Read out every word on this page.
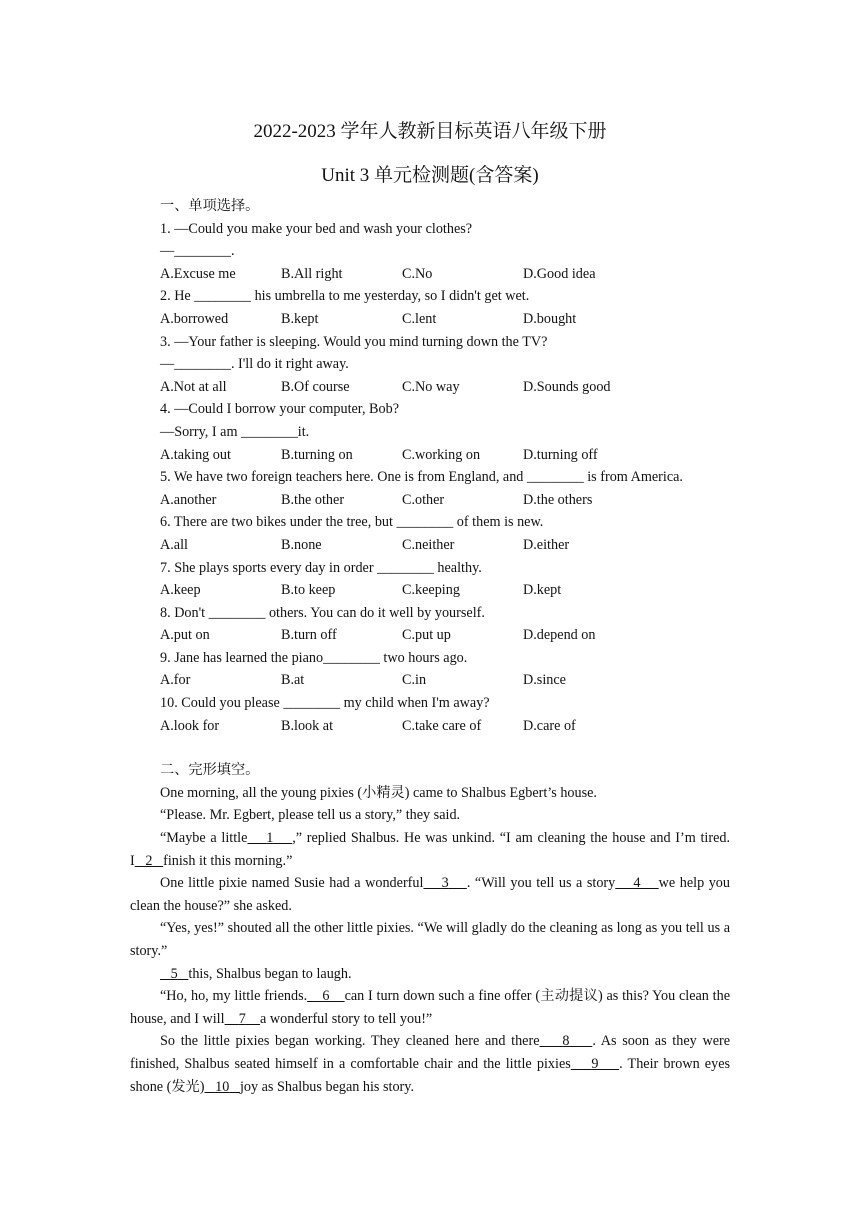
2022-2023 学年人教新目标英语八年级下册
Unit 3 单元检测题(含答案)
一、单项选择。
1. —Could you make your bed and wash your clothes?
—________.
A.Excuse me	B.All right	C.No	D.Good idea
2. He ________ his umbrella to me yesterday, so I didn't get wet.
A.borrowed	B.kept	C.lent	D.bought
3. —Your father is sleeping. Would you mind turning down the TV?
—________. I'll do it right away.
A.Not at all	B.Of course	C.No way	D.Sounds good
4. —Could I borrow your computer, Bob?
—Sorry, I am ________it.
A.taking out	B.turning on	C.working on	D.turning off
5. We have two foreign teachers here. One is from England, and ________ is from America.
A.another	B.the other	C.other	D.the others
6. There are two bikes under the tree, but ________ of them is new.
A.all	B.none	C.neither	D.either
7. She plays sports every day in order ________ healthy.
A.keep	B.to keep	C.keeping	D.kept
8. Don't ________ others. You can do it well by yourself.
A.put on	B.turn off	C.put up	D.depend on
9. Jane has learned the piano________ two hours ago.
A.for	B.at	C.in	D.since
10. Could you please ________ my child when I'm away?
A.look for	B.look at	C.take care of	D.care of
二、完形填空。
One morning, all the young pixies (小精灵) came to Shalbus Egbert’s house.
“Please. Mr. Egbert, please tell us a story,” they said.
“Maybe a little 1 ,” replied Shalbus. He was unkind. “I am cleaning the house and I’m tired. I 2 finish it this morning.”
One little pixie named Susie had a wonderful 3 . “Will you tell us a story 4 we help you clean the house?” she asked.
“Yes, yes!” shouted all the other little pixies. “We will gladly do the cleaning as long as you tell us a story.”
5 this, Shalbus began to laugh.
“Ho, ho, my little friends. 6 can I turn down such a fine offer (主动提议) as this? You clean the house, and I will 7 a wonderful story to tell you!”
So the little pixies began working. They cleaned here and there 8 . As soon as they were finished, Shalbus seated himself in a comfortable chair and the little pixies 9 . Their brown eyes shone (发光) 10 joy as Shalbus began his story.
